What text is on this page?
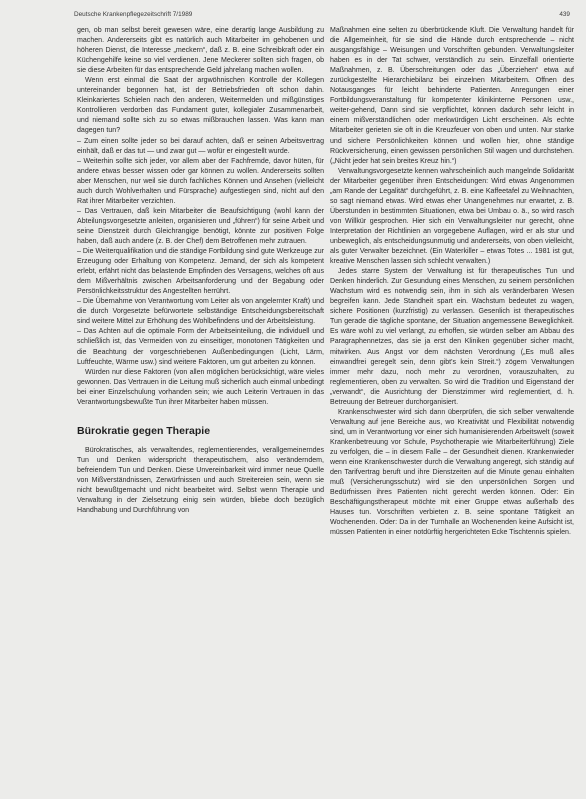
Deutsche Krankenpflegezeitschrift 7/1989	439

gen, ob man selbst bereit gewesen wäre, eine derartig lange Ausbildung zu machen. Andererseits gibt es natürlich auch Mitarbeiter im gehobenen und höheren Dienst, die Interesse „meckern“, daß z. B. eine Schreibkraft oder ein Küchengehilfe keine so viel verdienen. Jene Meckerer sollten sich fragen, ob sie diese Arbeiten für das entsprechende Geld jahrelang machen wollen.

Wenn erst einmal die Saat der argwöhnischen Kontrolle der Kollegen untereinander begonnen hat, ist der Betriebsfrieden oft schon dahin. Kleinkariertes Schielen nach den anderen, Weitermelden und mißgünstiges Kontrollieren verdorben das Fundament guter, kollegialer Zusammenarbeit, und niemand sollte sich zu so etwas mißbrauchen lassen. Was kann man dagegen tun?

– Zum einen sollte jeder so bei darauf achten, daß er seinen Arbeitsvertrag einhält, daß er das tut — und zwar gut — wofür er eingestellt wurde.

– Weiterhin sollte sich jeder, vor allem aber der Fachfremde, davor hüten, für andere etwas besser wissen oder gar können zu wollen. Andererseits sollten aber Menschen, nur weil sie durch fachliches Können und Ansehen (vielleicht auch durch Wohlverhalten und Fürsprache) aufgestiegen sind, nicht auf den Rat ihrer Mitarbeiter verzichten.

– Das Vertrauen, daß kein Mitarbeiter die Beaufsichtigung (wohl kann der Abteilungsvorgesetzte anleiten, organisieren und „führen“) für seine Arbeit und seine Dienstzeit durch Gleichrangige benötigt, könnte zur positiven Folge haben, daß auch andere (z. B. der Chef) dem Betroffenen mehr zutrauen.

– Die Weiterqualifikation und die ständige Fortbildung sind gute Werkzeuge zur Erzeugung oder Erhaltung von Kompetenz. Jemand, der sich als kompetent erlebt, erfährt nicht das belastende Empfinden des Versagens, welches oft aus dem Mißverhältnis zwischen Arbeitsanforderung und der Begabung oder Persönlichkeitsstruktur des Angestellten herrührt.

– Die Übernahme von Verantwortung vom Leiter als von angelernter Kraft) und die durch Vorgesetzte befürwortete selbständige Entscheidungsbereitschaft sind weitere Mittel zur Erhöhung des Wohlbefindens und der Arbeitsleistung.

– Das Achten auf die optimale Form der Arbeitseinteilung, die individuell und schließlich ist, das Vermeiden von zu einseitiger, monotonen Tätigkeiten und die Beachtung der vorgeschriebenen Außenbedingungen (Licht, Lärm, Luftfeuchte, Wärme usw.) sind weitere Faktoren, um gut arbeiten zu können.

Würden nur diese Faktoren (von allen möglichen berücksichtigt, wäre vieles gewonnen. Das Vertrauen in die Leitung muß sicherlich auch einmal unbedingt bei einer Einzelschulung vorhanden sein; wie auch Leiterin Vertrauen in das Verantwortungsbewußte Tun ihrer Mitarbeiter haben müssen.

Bürokratie gegen Therapie

Bürokratisches, als verwaltendes, reglementierendes, verallgemeinerndes Tun und Denken widerspricht therapeutischem, also veränderndem, befreiendem Tun und Denken. Diese Unvereinbarkeit wird immer neue Quelle von Mißverständnissen, Zerwürfnissen und auch Streitereien sein, wenn sie nicht bewußtgemacht und nicht bearbeitet wird. Selbst wenn Therapie und Verwaltung in der Zielsetzung einig sein würden, bliebe doch bezüglich Handhabung und Durchführung von

Maßnahmen eine selten zu überbrückende Kluft. Die Verwaltung handelt für die Allgemeinheit, für sie sind die Hände durch entsprechende – nicht ausgangsfähige – Weisungen und Vorschriften gebunden. Verwaltungsleiter haben es in der Tat schwer, verständlich zu sein. Einzelfall orientierte Maßnahmen, z. B. Überschreitungen oder das „Überziehen“ etwa auf zurückgestellte Hierarchiebilanz bei einzelnen Mitarbeitern. Offnen des Notausganges für leicht behinderte Patienten. Anregungen einer Fortbildungsveranstaltung für kompetenter klinikinterne Personen usw., weiter-gehend, Dann sind sie verpflichtet, können dadurch sehr leicht in einem mißverständlichen oder merkwürdigen Licht erscheinen. Als echte Mitarbeiter gerieten sie oft in die Kreuzfeuer von oben und unten. Nur starke und sichere Persönlichkeiten können und wollen hier, ohne ständige Rückversicherung, einen gewissen persönlichen Stil wagen und durchstehen. („Nicht jeder hat sein breites Kreuz hin.“)

Verwaltungsvorgesetzte kennen wahrscheinlich auch mangelnde Solidarität der Mitarbeiter gegenüber ihren Entscheidungen: Wird etwas Angenommen „am Rande der Legalität“ durchgeführt, z. B. eine Kaffeetafel zu Weihnachten, so sagt niemand etwas. Wird etwas eher Unangenehmes nur erwartet, z. B. Überstunden in bestimmten Situationen, etwa bei Umbau o. ä., so wird rasch von Willkür gesprochen. Hier sich ein Verwaltungsleiter nur gerecht, ohne Interpretation der Richtlinien an vorgegebene Auflagen, wird er als stur und unbeweglich, als entscheidungsunmutig und andererseits, von oben vielleicht, als guter Verwalter bezeichnet. (Ein Waterkiller – etwas Totes ... 1981 ist gut, kreative Menschen lassen sich schlecht verwalten.)

Jedes starre System der Verwaltung ist für therapeutisches Tun und Denken hinderlich. Zur Gesundung eines Menschen, zu seinem persönlichen Wachstum wird es notwendig sein, ihm in sich als veränderbaren Wesen begreifen kann. Jede Standheit spart ein. Wachstum bedeutet zu wagen, sichere Positionen (kurzfristig) zu verlassen. Gesenlich ist therapeutisches Tun gerade die tägliche spontane, der Situation angemessene Beweglichkeit. Es wäre wohl zu viel verlangt, zu erhoffen, sie würden selber am Abbau des Paragraphennetzes, das sie ja erst den Kliniken gegenüber sicher macht, mitwirken. Aus Angst vor dem nächsten Verordnung („Es muß alles einwandfrei geregelt sein, denn gibt's kein Streit.“) zögern Verwaltungen immer mehr dazu, noch mehr zu verordnen, vorauszuhalten, zu reglementieren, oben zu verwalten. So wird die Tradition und Eigenstand der „verwandt“, die Ausrichtung der Dienstzimmer wird reglementiert, d. h. Betreuung der Betreuer durchorganisiert.

Krankenschwester wird sich dann überprüfen, die sich selber verwaltende Verwaltung auf jene Bereiche aus, wo Kreativität und Flexibilität notwendig sind, um in Verantwortung vor einer sich humanisierenden Arbeitswelt (soweit Krankenbetreuung vor Schule, Psychotherapie wie Mitarbeiterführung) Ziele zu verfolgen, die – in diesem Falle – der Gesundheit dienen. Krankenwieder wenn eine Krankenschwester durch die Verwaltung angeregt, sich ständig auf den Tarifvertrag beruft und ihre Dienstzeiten auf die Minute genau einhalten muß (Versicherungsschutz) wird sie den unpersönlichen Sorgen und Bedürfnissen ihres Patienten nicht gerecht werden können. Oder: Ein Beschäftigungstherapeut möchte mit einer Gruppe etwas außerhalb des Hauses tun. Vorschriften verbieten z. B. seine spontane Tätigkeit an Wochenenden. Oder: Da in der Turnhalle an Wochenenden keine Aufsicht ist, müssen Patienten in einer notdürftig hergerichteten Ecke Tischtennis spielen.
